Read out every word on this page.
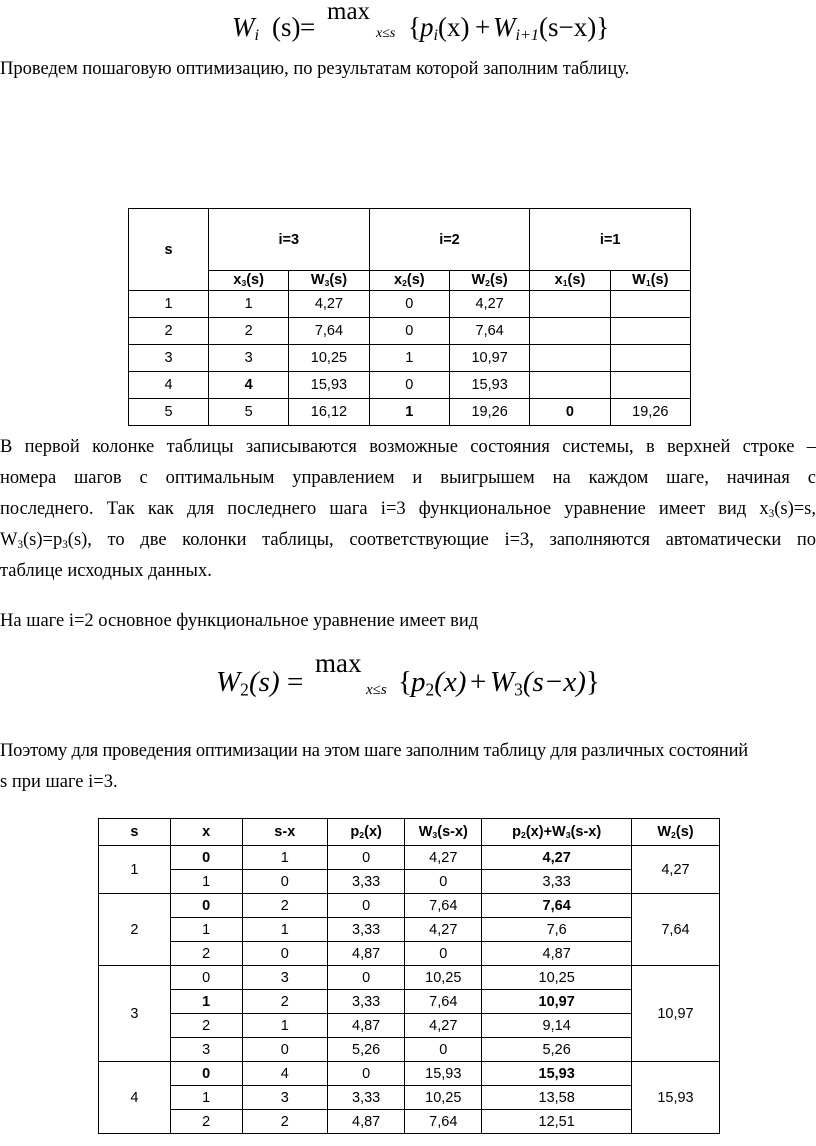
$W_i$ (s) =
max
x≤s { $p_i(x) + W_{i+1}(s-x)$}
Проведем пошаговую оптимизацию, по результатам которой заполним таблицу.
s	i=3		i=2		i=1	
	$x_3(s)$	$W_3(s)$	$x_2(s)$	$W_2(s)$	$x_1(s)$	$W_1(s)$
1	1	4,27	0	4,27		
2	2	7,64	0	7,64		
3	3	10,25	1	10,97		
4	4	15,93	0	15,93		
5	5	16,12	1	19,26	0	19,26
В первой колонке таблицы записываются возможные состояния системы, в верхней строке –
номера шагов с оптимальным управлением и выигрышем на каждом шаге, начиная с
последнего. Так как для последнего шага i=3 функциональное уравнение имеет вид $x_3(s)=s$,
$W_3(s)=p_3(s)$, то две колонки таблицы, соответствующие i=3, заполняются автоматически по
таблице исходных данных.
На шаге i=2 основное функциональное уравнение имеет вид
$W_2$ (s) =
max
x≤s { $p_2(x) + W_3(s-x)$}
Поэтому для проведения оптимизации на этом шаге заполним таблицу для различных состояний
s при шаге i=3.
s	x	s-x	$p_2(x)$	$W_3(s-x)$	$p_2(x)+W_3(s-x)$	$W_2(s)$
1	0	1	0	4,27	4,27	4,27
	1	0	3,33	0	3,33	
2	0	2	0	7,64	7,64	7,64
	1	1	3,33	4,27	7,6	
	2	0	4,87	0	4,87	
3	0	3	0	10,25	10,25	10,97
	1	2	3,33	7,64	10,97	
	2	1	4,87	4,27	9,14	
	3	0	5,26	0	5,26	
4	0	4	0	15,93	15,93	15,93
	1	3	3,33	10,25	13,58	
	2	2	4,87	7,64	12,51	
